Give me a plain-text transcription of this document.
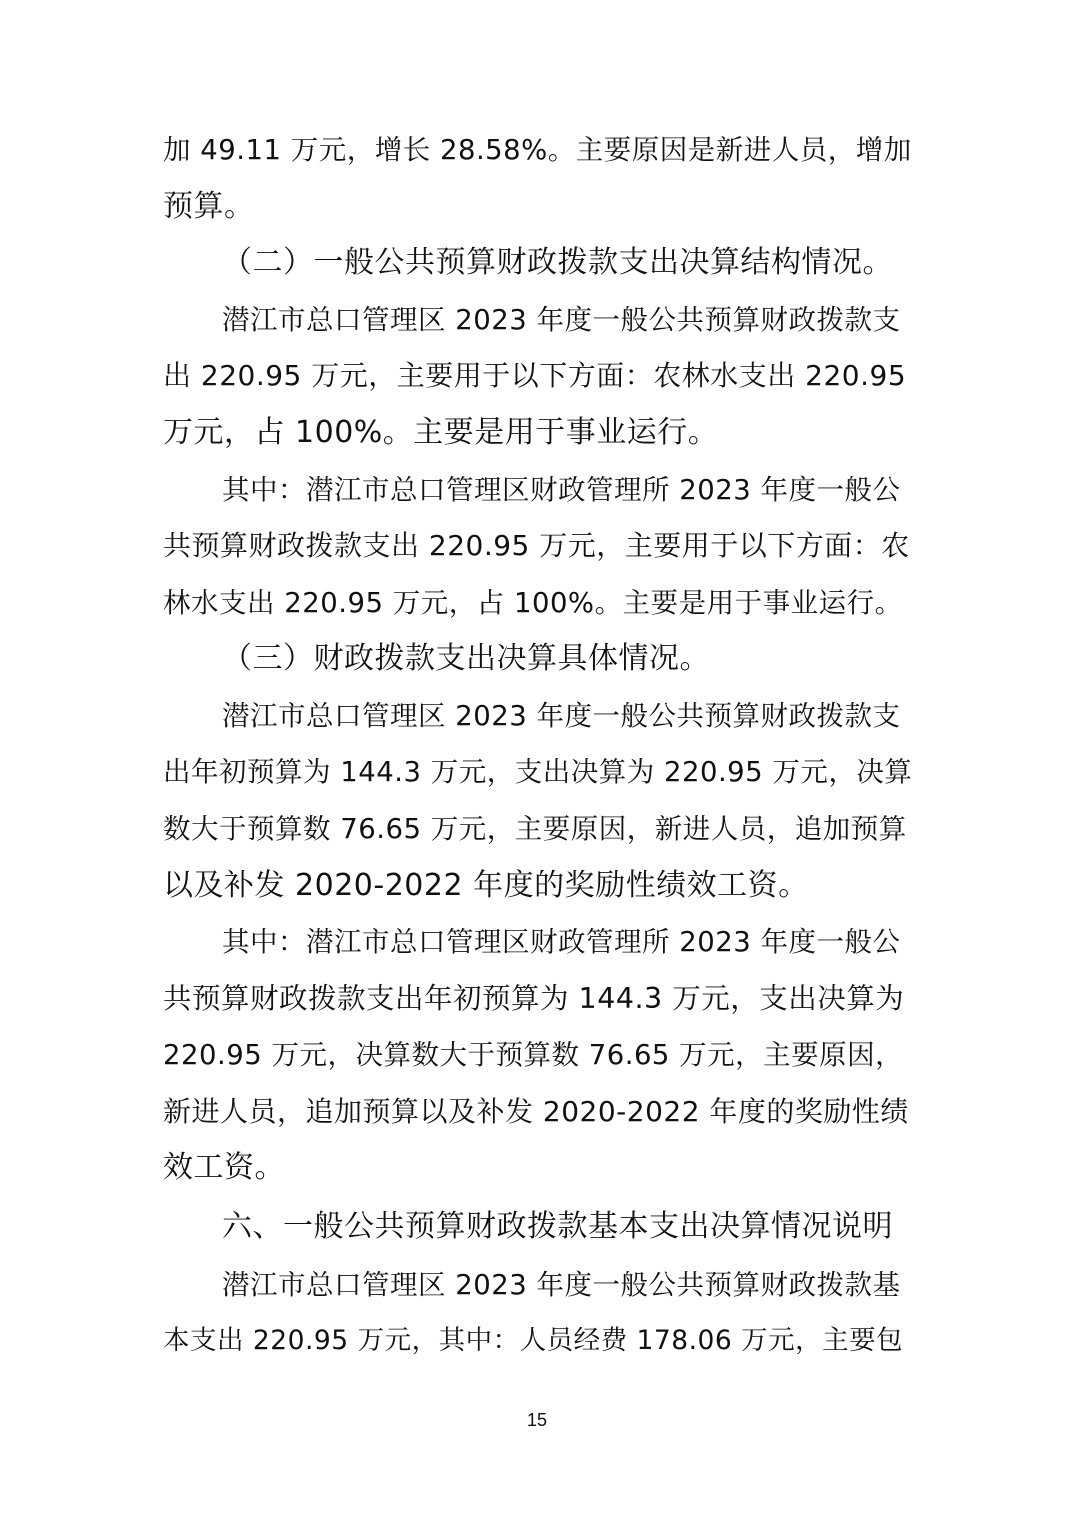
加 49.11 万元，增长 28.58%。主要原因是新进人员，增加
预算。
（二）一般公共预算财政拨款支出决算结构情况。
潜江市总口管理区 2023 年度一般公共预算财政拨款支
出 220.95 万元，主要用于以下方面：农林水支出 220.95
万元，占 100%。主要是用于事业运行。
其中：潜江市总口管理区财政管理所 2023 年度一般公
共预算财政拨款支出 220.95 万元，主要用于以下方面：农
林水支出 220.95 万元，占 100%。主要是用于事业运行。
（三）财政拨款支出决算具体情况。
潜江市总口管理区 2023 年度一般公共预算财政拨款支
出年初预算为 144.3 万元，支出决算为 220.95 万元，决算
数大于预算数 76.65 万元，主要原因，新进人员，追加预算
以及补发 2020-2022 年度的奖励性绩效工资。
其中：潜江市总口管理区财政管理所 2023 年度一般公
共预算财政拨款支出年初预算为 144.3 万元，支出决算为
220.95 万元，决算数大于预算数 76.65 万元，主要原因，
新进人员，追加预算以及补发 2020-2022 年度的奖励性绩
效工资。
六、一般公共预算财政拨款基本支出决算情况说明
潜江市总口管理区 2023 年度一般公共预算财政拨款基
本支出 220.95 万元，其中：人员经费 178.06 万元，主要包
15
